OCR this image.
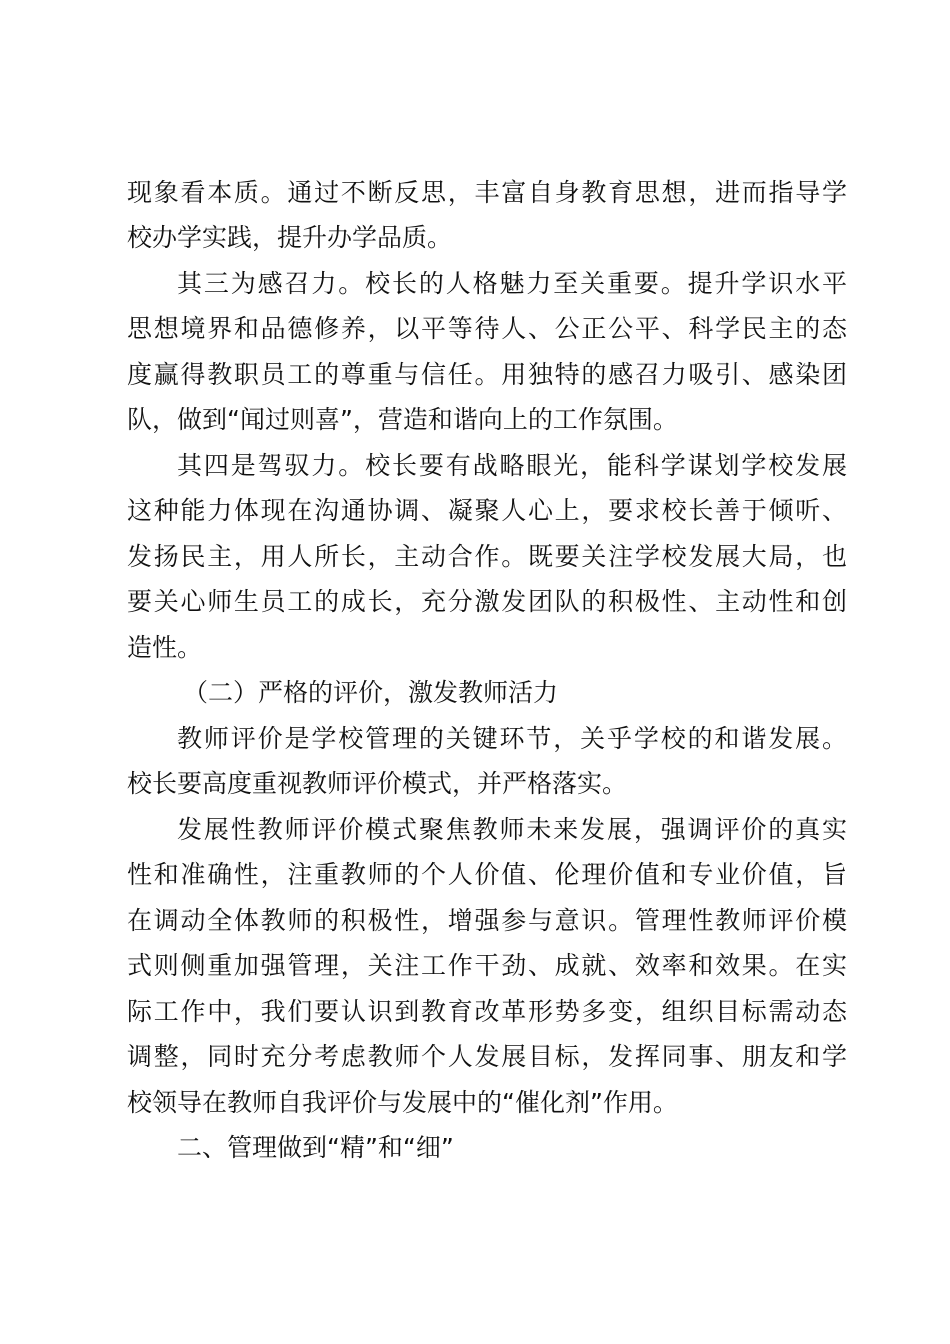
现象看本质。通过不断反思，丰富自身教育思想，进而指导学
校办学实践，提升办学品质。
其三为感召力。校长的人格魅力至关重要。提升学识水平
思想境界和品德修养，以平等待人、公正公平、科学民主的态
度赢得教职员工的尊重与信任。用独特的感召力吸引、感染团
队，做到“闻过则喜”，营造和谐向上的工作氛围。
其四是驾驭力。校长要有战略眼光，能科学谋划学校发展
这种能力体现在沟通协调、凝聚人心上，要求校长善于倾听、
发扬民主，用人所长，主动合作。既要关注学校发展大局，也
要关心师生员工的成长，充分激发团队的积极性、主动性和创
造性。
（二）严格的评价，激发教师活力
教师评价是学校管理的关键环节，关乎学校的和谐发展。
校长要高度重视教师评价模式，并严格落实。
发展性教师评价模式聚焦教师未来发展，强调评价的真实
性和准确性，注重教师的个人价值、伦理价值和专业价值，旨
在调动全体教师的积极性，增强参与意识。管理性教师评价模
式则侧重加强管理，关注工作干劲、成就、效率和效果。在实
际工作中，我们要认识到教育改革形势多变，组织目标需动态
调整，同时充分考虑教师个人发展目标，发挥同事、朋友和学
校领导在教师自我评价与发展中的“催化剂”作用。
二、管理做到“精”和“细”
